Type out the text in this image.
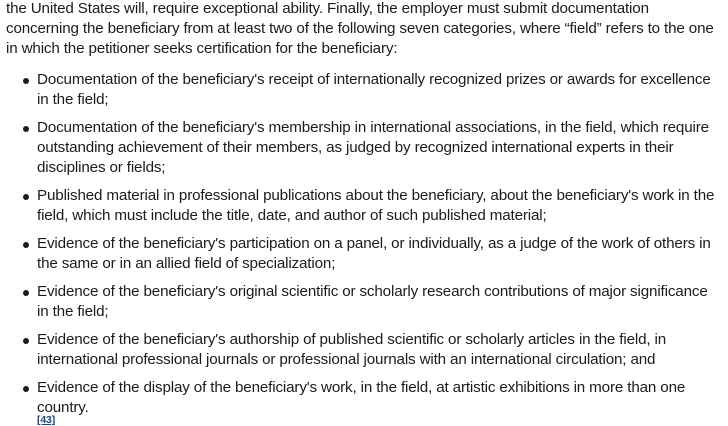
the United States will, require exceptional ability. Finally, the employer must submit documentation concerning the beneficiary from at least two of the following seven categories, where “field” refers to the one in which the petitioner seeks certification for the beneficiary:

Documentation of the beneficiary's receipt of internationally recognized prizes or awards for excellence in the field;
Documentation of the beneficiary's membership in international associations, in the field, which require outstanding achievement of their members, as judged by recognized international experts in their disciplines or fields;
Published material in professional publications about the beneficiary, about the beneficiary's work in the field, which must include the title, date, and author of such published material;
Evidence of the beneficiary's participation on a panel, or individually, as a judge of the work of others in the same or in an allied field of specialization;
Evidence of the beneficiary's original scientific or scholarly research contributions of major significance in the field;
Evidence of the beneficiary's authorship of published scientific or scholarly articles in the field, in international professional journals or professional journals with an international circulation; and
Evidence of the display of the beneficiary's work, in the field, at artistic exhibitions in more than one country.
[43]
